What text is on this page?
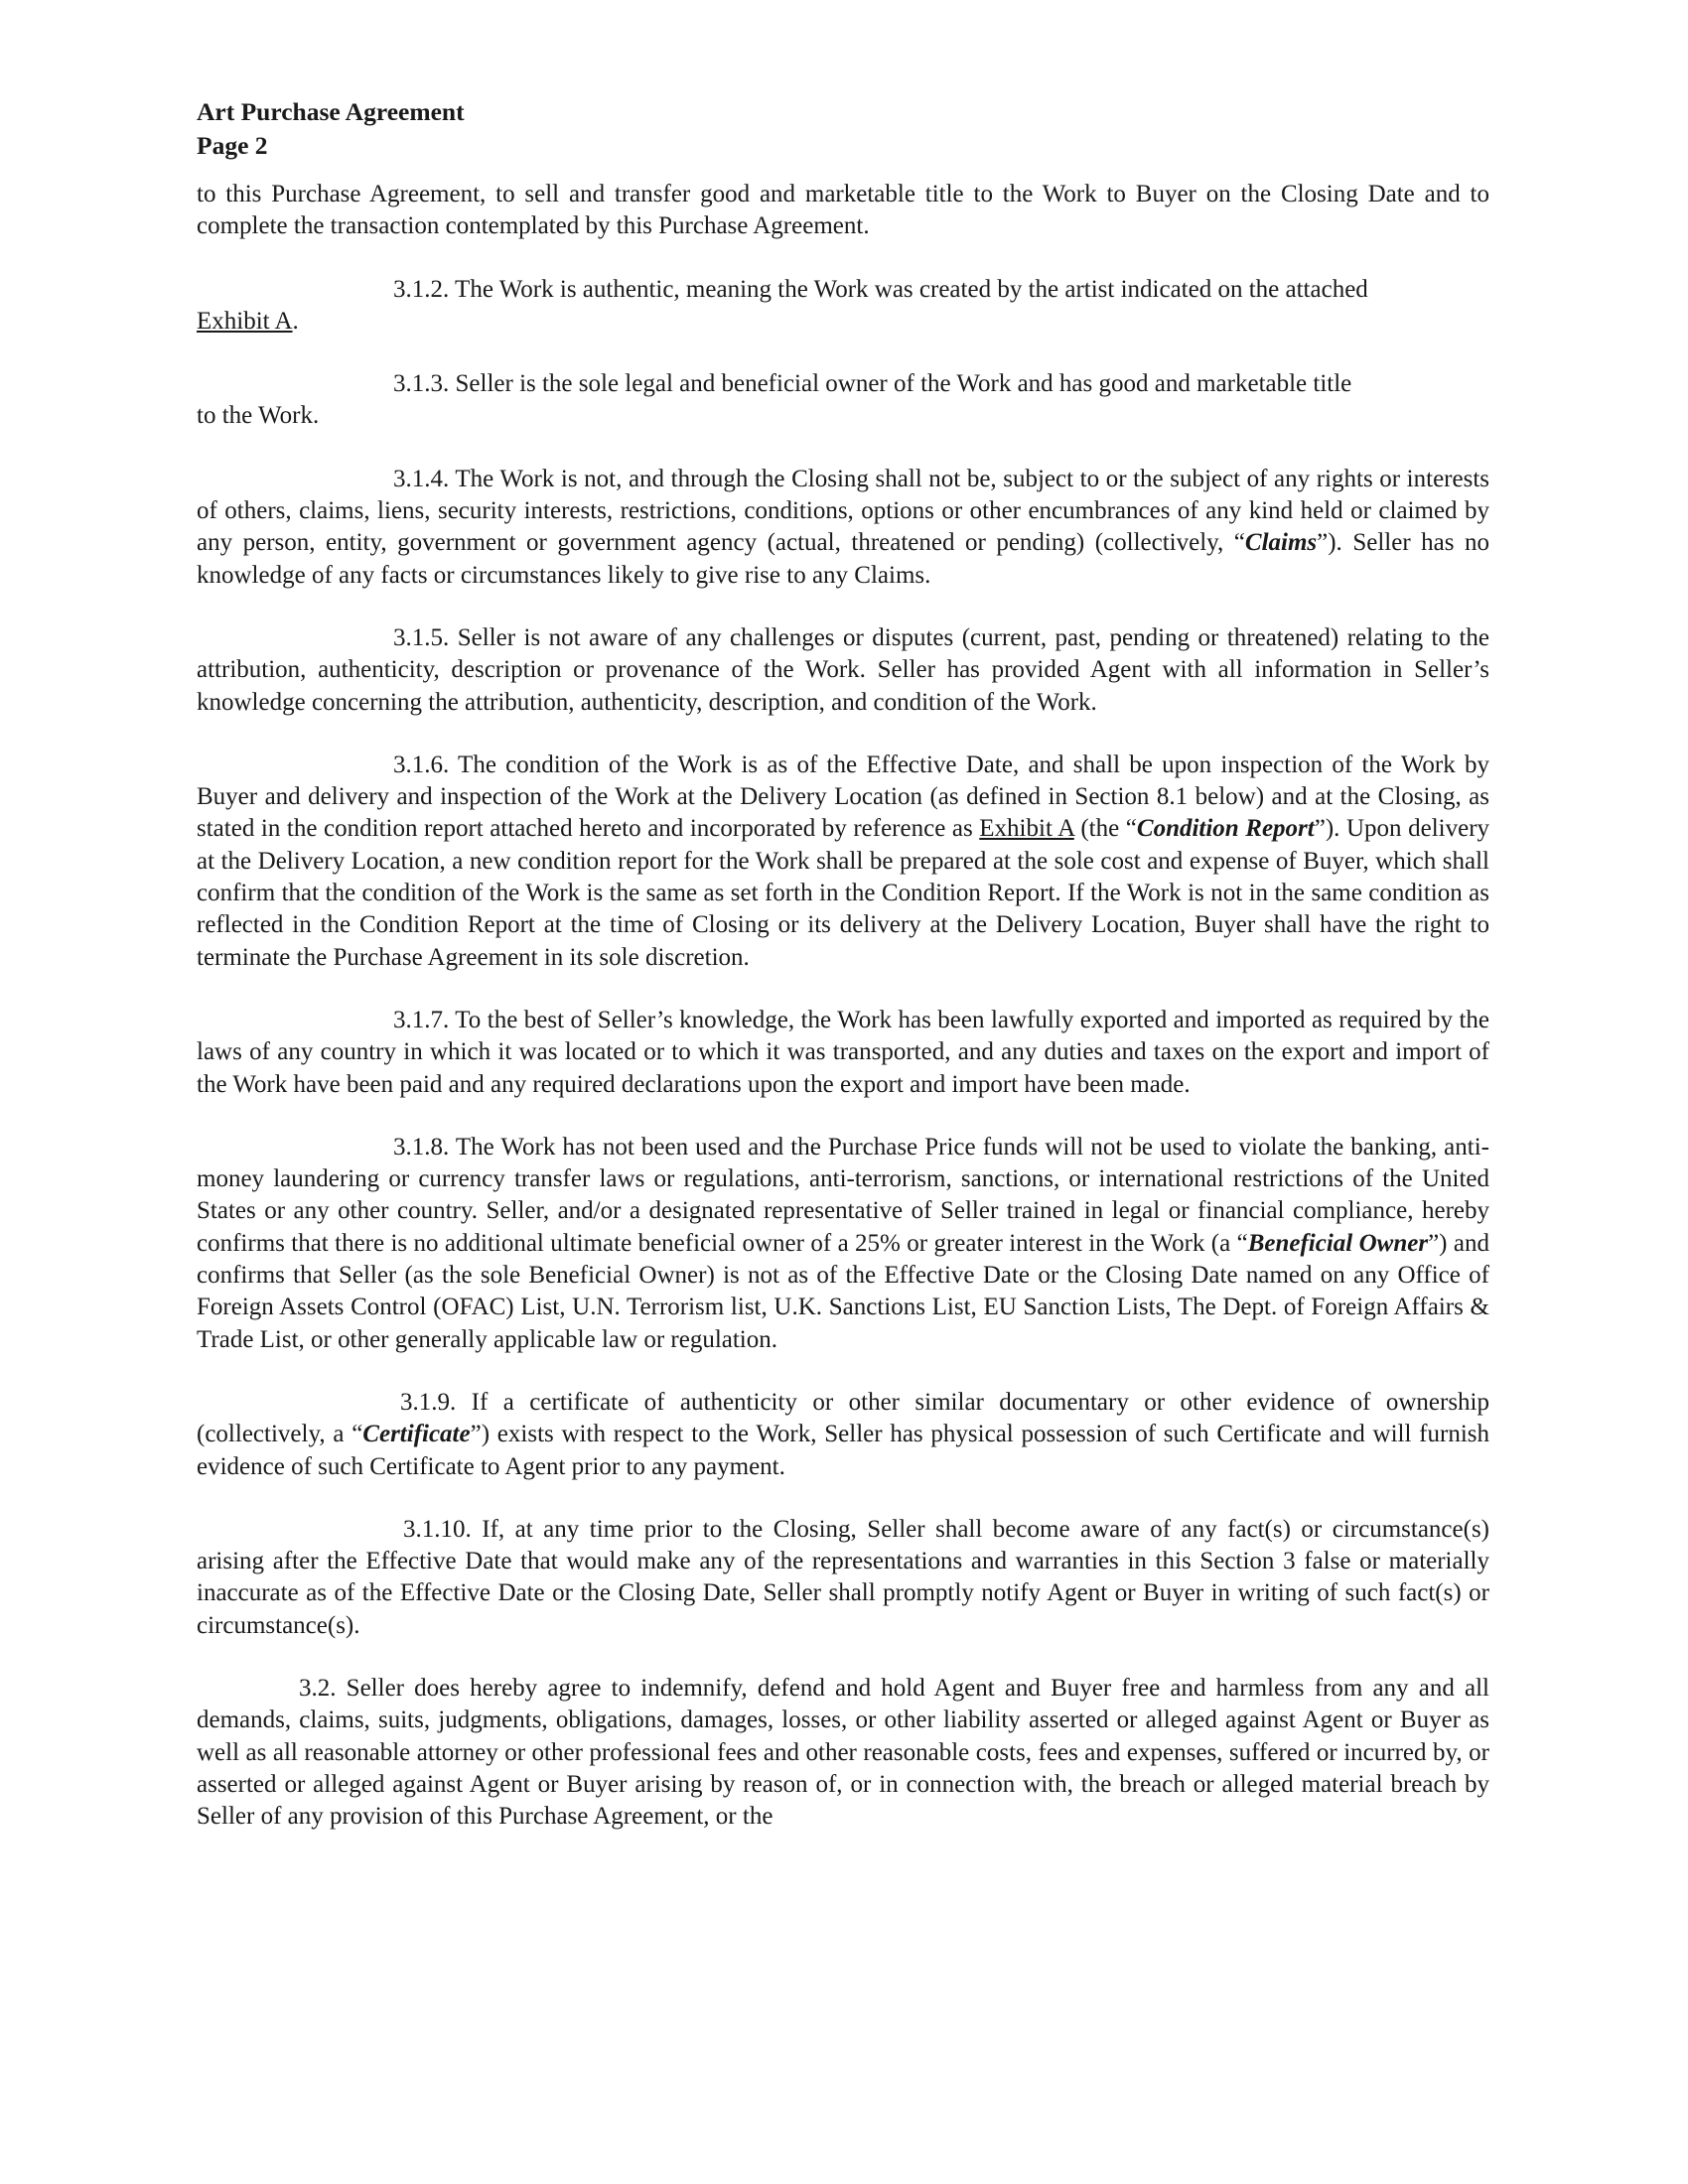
Art Purchase Agreement
Page 2

to this Purchase Agreement, to sell and transfer good and marketable title to the Work to Buyer on the Closing Date and to complete the transaction contemplated by this Purchase Agreement.

3.1.2. The Work is authentic, meaning the Work was created by the artist indicated on the attached
Exhibit A.

3.1.3. Seller is the sole legal and beneficial owner of the Work and has good and marketable title
to the Work.

3.1.4. The Work is not, and through the Closing shall not be, subject to or the subject of any rights or interests of others, claims, liens, security interests, restrictions, conditions, options or other encumbrances of any kind held or claimed by any person, entity, government or government agency (actual, threatened or pending) (collectively, “Claims”). Seller has no knowledge of any facts or circumstances likely to give rise to any Claims.

3.1.5. Seller is not aware of any challenges or disputes (current, past, pending or threatened) relating to the attribution, authenticity, description or provenance of the Work. Seller has provided Agent with all information in Seller’s knowledge concerning the attribution, authenticity, description, and condition of the Work.

3.1.6. The condition of the Work is as of the Effective Date, and shall be upon inspection of the Work by Buyer and delivery and inspection of the Work at the Delivery Location (as defined in Section 8.1 below) and at the Closing, as stated in the condition report attached hereto and incorporated by reference as Exhibit A (the “Condition Report”). Upon delivery at the Delivery Location, a new condition report for the Work shall be prepared at the sole cost and expense of Buyer, which shall confirm that the condition of the Work is the same as set forth in the Condition Report. If the Work is not in the same condition as reflected in the Condition Report at the time of Closing or its delivery at the Delivery Location, Buyer shall have the right to terminate the Purchase Agreement in its sole discretion.

3.1.7. To the best of Seller’s knowledge, the Work has been lawfully exported and imported as required by the laws of any country in which it was located or to which it was transported, and any duties and taxes on the export and import of the Work have been paid and any required declarations upon the export and import have been made.

3.1.8. The Work has not been used and the Purchase Price funds will not be used to violate the banking, anti-money laundering or currency transfer laws or regulations, anti-terrorism, sanctions, or international restrictions of the United States or any other country. Seller, and/or a designated representative of Seller trained in legal or financial compliance, hereby confirms that there is no additional ultimate beneficial owner of a 25% or greater interest in the Work (a “Beneficial Owner”) and confirms that Seller (as the sole Beneficial Owner) is not as of the Effective Date or the Closing Date named on any Office of Foreign Assets Control (OFAC) List, U.N. Terrorism list, U.K. Sanctions List, EU Sanction Lists, The Dept. of Foreign Affairs & Trade List, or other generally applicable law or regulation.

3.1.9. If a certificate of authenticity or other similar documentary or other evidence of ownership (collectively, a “Certificate”) exists with respect to the Work, Seller has physical possession of such Certificate and will furnish evidence of such Certificate to Agent prior to any payment.

3.1.10. If, at any time prior to the Closing, Seller shall become aware of any fact(s) or circumstance(s) arising after the Effective Date that would make any of the representations and warranties in this Section 3 false or materially inaccurate as of the Effective Date or the Closing Date, Seller shall promptly notify Agent or Buyer in writing of such fact(s) or circumstance(s).

3.2. Seller does hereby agree to indemnify, defend and hold Agent and Buyer free and harmless from any and all demands, claims, suits, judgments, obligations, damages, losses, or other liability asserted or alleged against Agent or Buyer as well as all reasonable attorney or other professional fees and other reasonable costs, fees and expenses, suffered or incurred by, or asserted or alleged against Agent or Buyer arising by reason of, or in connection with, the breach or alleged material breach by Seller of any provision of this Purchase Agreement, or the
